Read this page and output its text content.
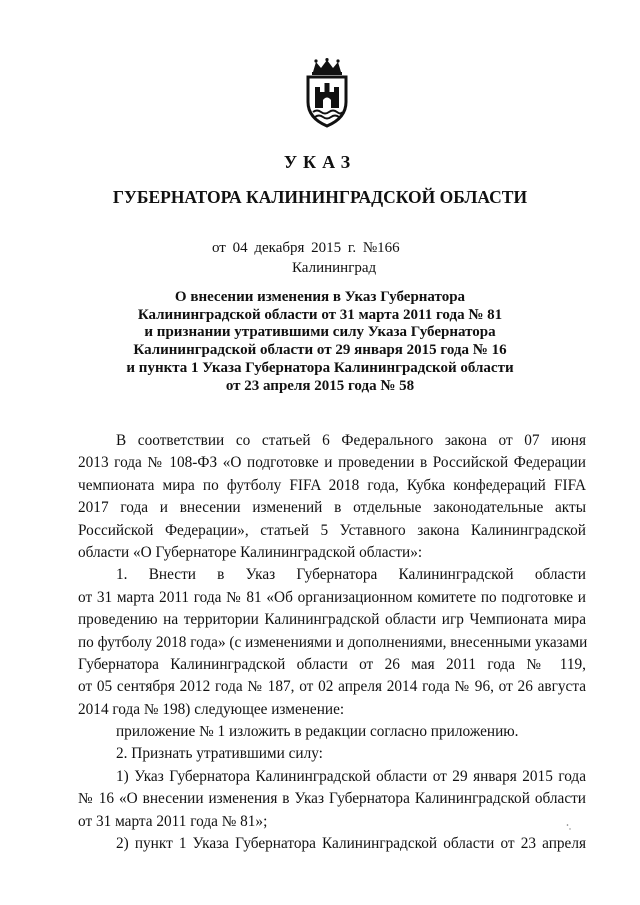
УКАЗ
ГУБЕРНАТОРА КАЛИНИНГРАДСКОЙ ОБЛАСТИ
от 04 декабря 2015 г. №166
Калининград
О внесении изменения в Указ Губернатора
Калининградской области от 31 марта 2011 года № 81
и признании утратившими силу Указа Губернатора
Калининградской области от 29 января 2015 года № 16
и пункта 1 Указа Губернатора Калининградской области
от 23 апреля 2015 года № 58
В соответствии со статьей 6 Федерального закона от 07 июня
2013 года № 108-ФЗ «О подготовке и проведении в Российской Федерации
чемпионата мира по футболу FIFA 2018 года, Кубка конфедераций FIFA
2017 года и внесении изменений в отдельные законодательные акты
Российской Федерации», статьей 5 Уставного закона Калининградской
области «О Губернаторе Калининградской области»:
1. Внести в Указ Губернатора Калининградской области
от 31 марта 2011 года № 81 «Об организационном комитете по подготовке и
проведению на территории Калининградской области игр Чемпионата мира
по футболу 2018 года» (с изменениями и дополнениями, внесенными указами
Губернатора Калининградской области от 26 мая 2011 года № 119,
от 05 сентября 2012 года № 187, от 02 апреля 2014 года № 96, от 26 августа
2014 года № 198) следующее изменение:
приложение № 1 изложить в редакции согласно приложению.
2. Признать утратившими силу:
1) Указ Губернатора Калининградской области от 29 января 2015 года
№ 16 «О внесении изменения в Указ Губернатора Калининградской области
от 31 марта 2011 года № 81»;
2) пункт 1 Указа Губернатора Калининградской области от 23 апреля
